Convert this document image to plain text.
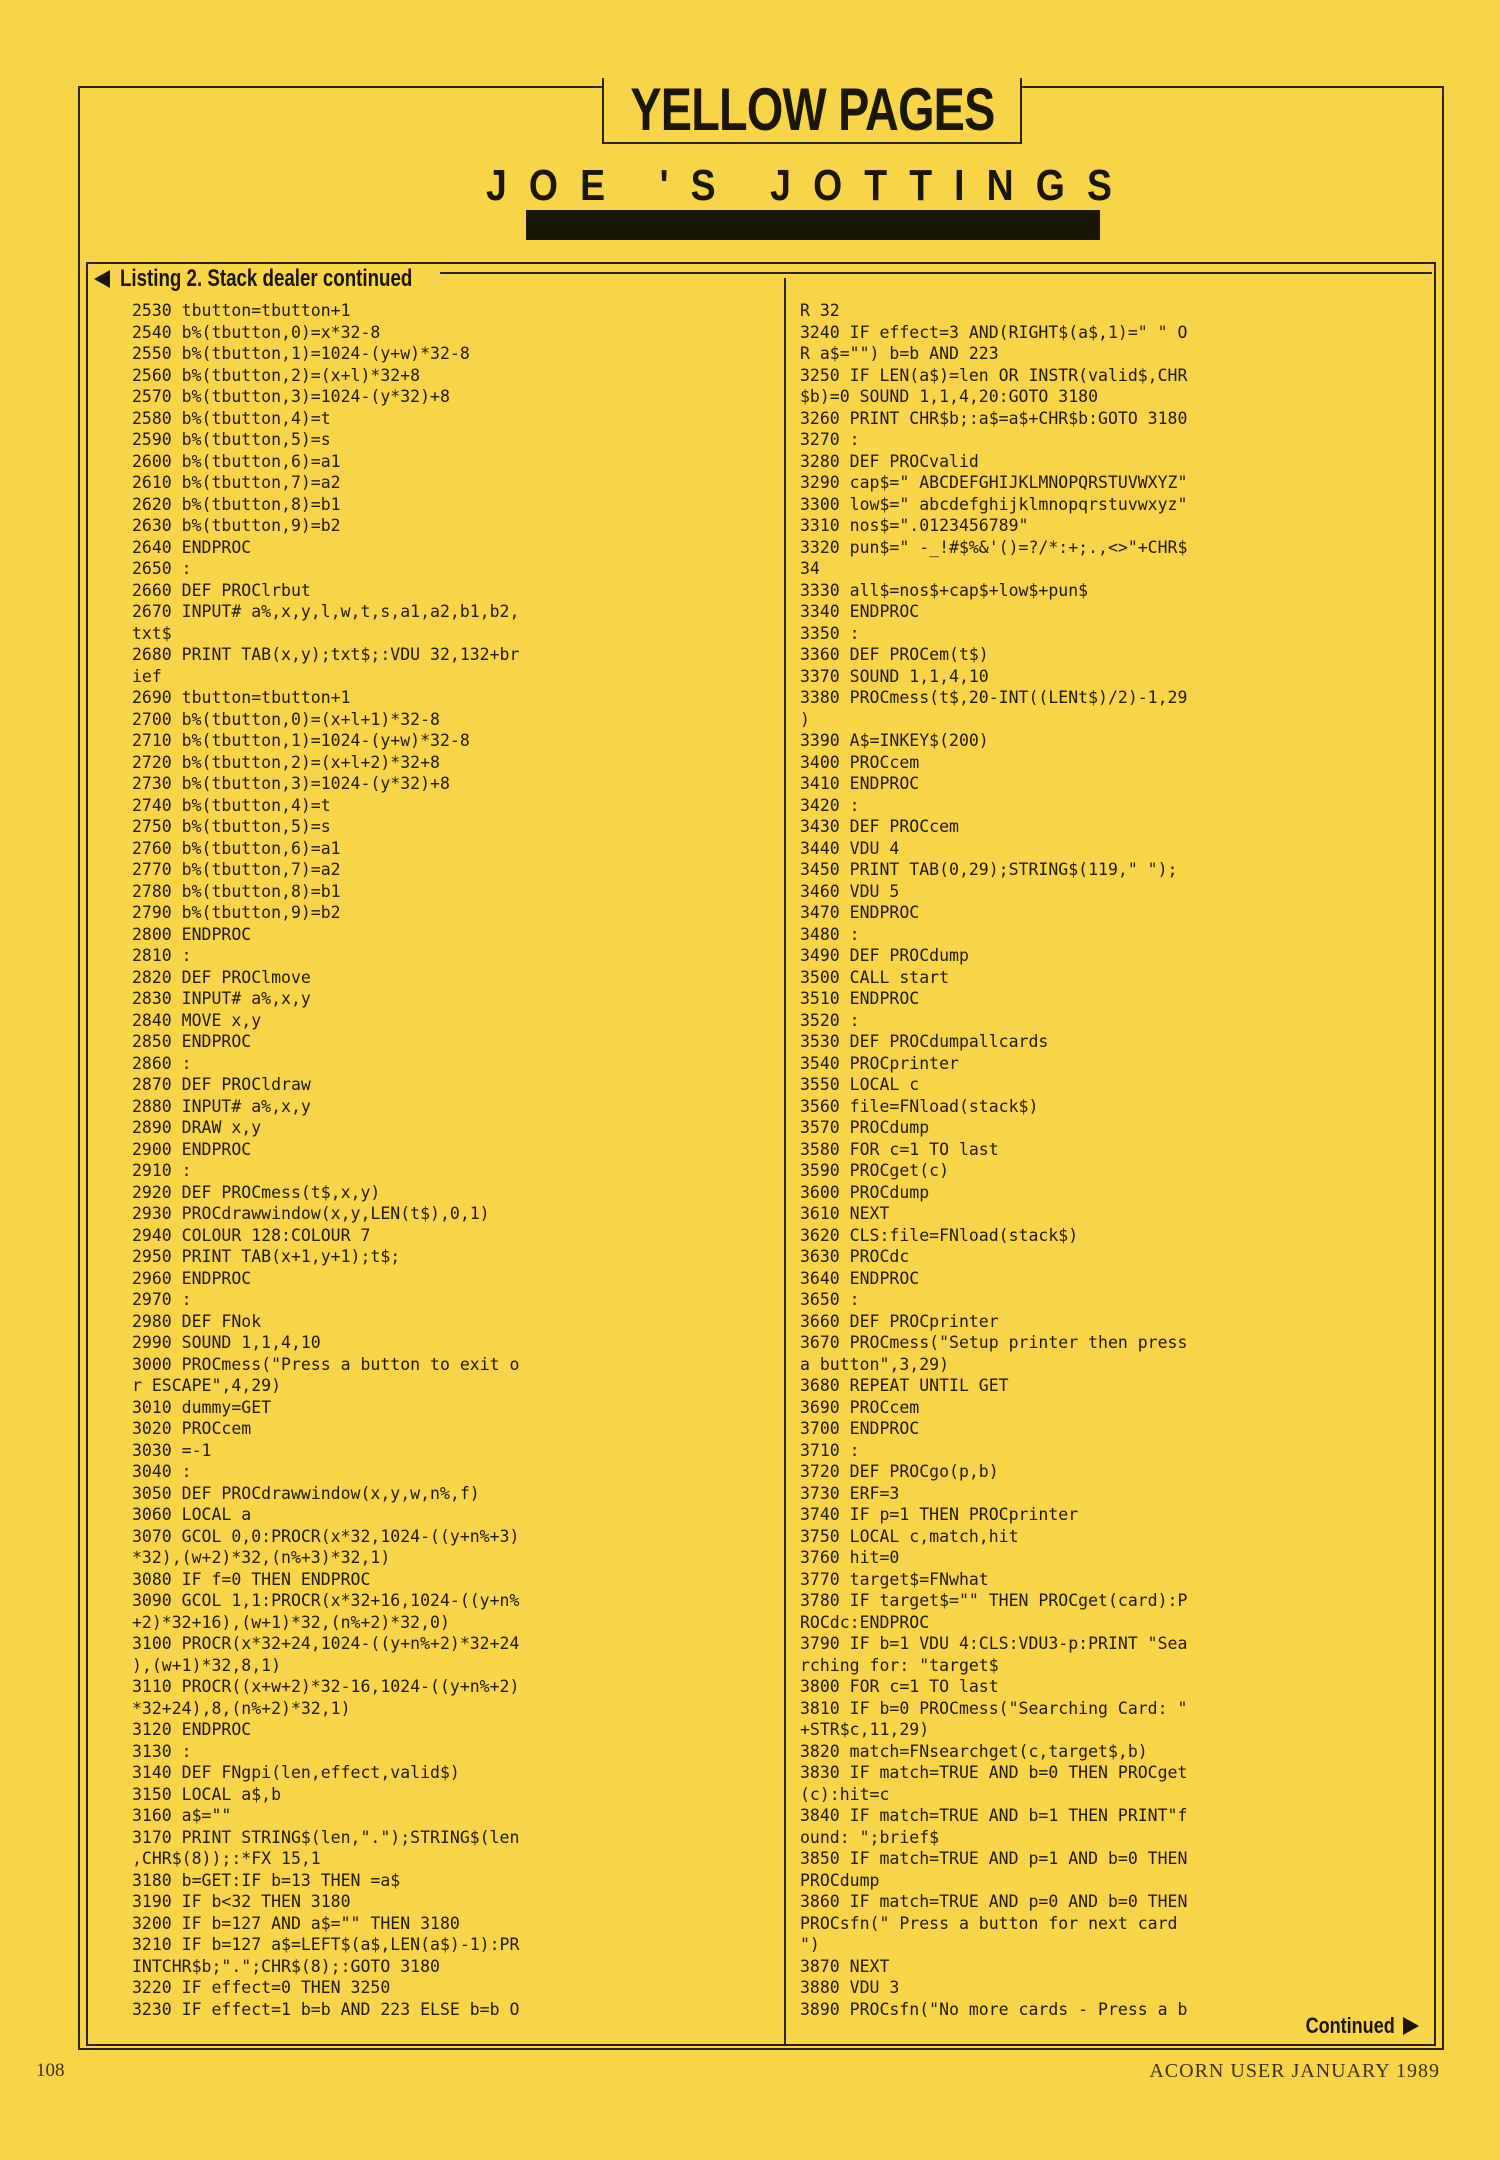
YELLOW PAGES
JOE 'S JOTTINGS
Listing 2. Stack dealer continued
2530 tbutton=tbutton+1
2540 b%(tbutton,0)=x*32-8
2550 b%(tbutton,1)=1024-(y+w)*32-8
2560 b%(tbutton,2)=(x+l)*32+8
2570 b%(tbutton,3)=1024-(y*32)+8
2580 b%(tbutton,4)=t
2590 b%(tbutton,5)=s
2600 b%(tbutton,6)=a1
2610 b%(tbutton,7)=a2
2620 b%(tbutton,8)=b1
2630 b%(tbutton,9)=b2
2640 ENDPROC
2650 :
2660 DEF PROClrbut
2670 INPUT# a%,x,y,l,w,t,s,a1,a2,b1,b2,
txt$
2680 PRINT TAB(x,y);txt$;:VDU 32,132+br
ief
2690 tbutton=tbutton+1
2700 b%(tbutton,0)=(x+l+1)*32-8
2710 b%(tbutton,1)=1024-(y+w)*32-8
2720 b%(tbutton,2)=(x+l+2)*32+8
2730 b%(tbutton,3)=1024-(y*32)+8
2740 b%(tbutton,4)=t
2750 b%(tbutton,5)=s
2760 b%(tbutton,6)=a1
2770 b%(tbutton,7)=a2
2780 b%(tbutton,8)=b1
2790 b%(tbutton,9)=b2
2800 ENDPROC
2810 :
2820 DEF PROClmove
2830 INPUT# a%,x,y
2840 MOVE x,y
2850 ENDPROC
2860 :
2870 DEF PROCldraw
2880 INPUT# a%,x,y
2890 DRAW x,y
2900 ENDPROC
2910 :
2920 DEF PROCmess(t$,x,y)
2930 PROCdrawwindow(x,y,LEN(t$),0,1)
2940 COLOUR 128:COLOUR 7
2950 PRINT TAB(x+1,y+1);t$;
2960 ENDPROC
2970 :
2980 DEF FNok
2990 SOUND 1,1,4,10
3000 PROCmess("Press a button to exit o
r ESCAPE",4,29)
3010 dummy=GET
3020 PROCcem
3030 =-1
3040 :
3050 DEF PROCdrawwindow(x,y,w,n%,f)
3060 LOCAL a
3070 GCOL 0,0:PROCR(x*32,1024-((y+n%+3)
*32),(w+2)*32,(n%+3)*32,1)
3080 IF f=0 THEN ENDPROC
3090 GCOL 1,1:PROCR(x*32+16,1024-((y+n%
+2)*32+16),(w+1)*32,(n%+2)*32,0)
3100 PROCR(x*32+24,1024-((y+n%+2)*32+24
),(w+1)*32,8,1)
3110 PROCR((x+w+2)*32-16,1024-((y+n%+2)
*32+24),8,(n%+2)*32,1)
3120 ENDPROC
3130 :
3140 DEF FNgpi(len,effect,valid$)
3150 LOCAL a$,b
3160 a$=""
3170 PRINT STRING$(len,".");STRING$(len
,CHR$(8));:*FX 15,1
3180 b=GET:IF b=13 THEN =a$
3190 IF b<32 THEN 3180
3200 IF b=127 AND a$="" THEN 3180
3210 IF b=127 a$=LEFT$(a$,LEN(a$)-1):PR
INTCHR$b;".";CHR$(8);:GOTO 3180
3220 IF effect=0 THEN 3250
3230 IF effect=1 b=b AND 223 ELSE b=b O
R 32
3240 IF effect=3 AND(RIGHT$(a$,1)=" " O
R a$="") b=b AND 223
3250 IF LEN(a$)=len OR INSTR(valid$,CHR
$b)=0 SOUND 1,1,4,20:GOTO 3180
3260 PRINT CHR$b;:a$=a$+CHR$b:GOTO 3180
3270 :
3280 DEF PROCvalid
3290 cap$=" ABCDEFGHIJKLMNOPQRSTUVWXYZ"
3300 low$=" abcdefghijklmnopqrstuvwxyz"
3310 nos$=".0123456789"
3320 pun$=" -_!#$%&'()=?/*:+;.,<>"+CHR$
34
3330 all$=nos$+cap$+low$+pun$
3340 ENDPROC
3350 :
3360 DEF PROCem(t$)
3370 SOUND 1,1,4,10
3380 PROCmess(t$,20-INT((LENt$)/2)-1,29
)
3390 A$=INKEY$(200)
3400 PROCcem
3410 ENDPROC
3420 :
3430 DEF PROCcem
3440 VDU 4
3450 PRINT TAB(0,29);STRING$(119," ");
3460 VDU 5
3470 ENDPROC
3480 :
3490 DEF PROCdump
3500 CALL start
3510 ENDPROC
3520 :
3530 DEF PROCdumpallcards
3540 PROCprinter
3550 LOCAL c
3560 file=FNload(stack$)
3570 PROCdump
3580 FOR c=1 TO last
3590 PROCget(c)
3600 PROCdump
3610 NEXT
3620 CLS:file=FNload(stack$)
3630 PROCdc
3640 ENDPROC
3650 :
3660 DEF PROCprinter
3670 PROCmess("Setup printer then press
a button",3,29)
3680 REPEAT UNTIL GET
3690 PROCcem
3700 ENDPROC
3710 :
3720 DEF PROCgo(p,b)
3730 ERF=3
3740 IF p=1 THEN PROCprinter
3750 LOCAL c,match,hit
3760 hit=0
3770 target$=FNwhat
3780 IF target$="" THEN PROCget(card):P
ROCdc:ENDPROC
3790 IF b=1 VDU 4:CLS:VDU3-p:PRINT "Sea
rching for: "target$
3800 FOR c=1 TO last
3810 IF b=0 PROCmess("Searching Card: "
+STR$c,11,29)
3820 match=FNsearchget(c,target$,b)
3830 IF match=TRUE AND b=0 THEN PROCget
(c):hit=c
3840 IF match=TRUE AND b=1 THEN PRINT"f
ound: ";brief$
3850 IF match=TRUE AND p=1 AND b=0 THEN
PROCdump
3860 IF match=TRUE AND p=0 AND b=0 THEN
PROCsfn(" Press a button for next card
")
3870 NEXT
3880 VDU 3
3890 PROCsfn("No more cards - Press a b
Continued
108	ACORN USER JANUARY 1989
